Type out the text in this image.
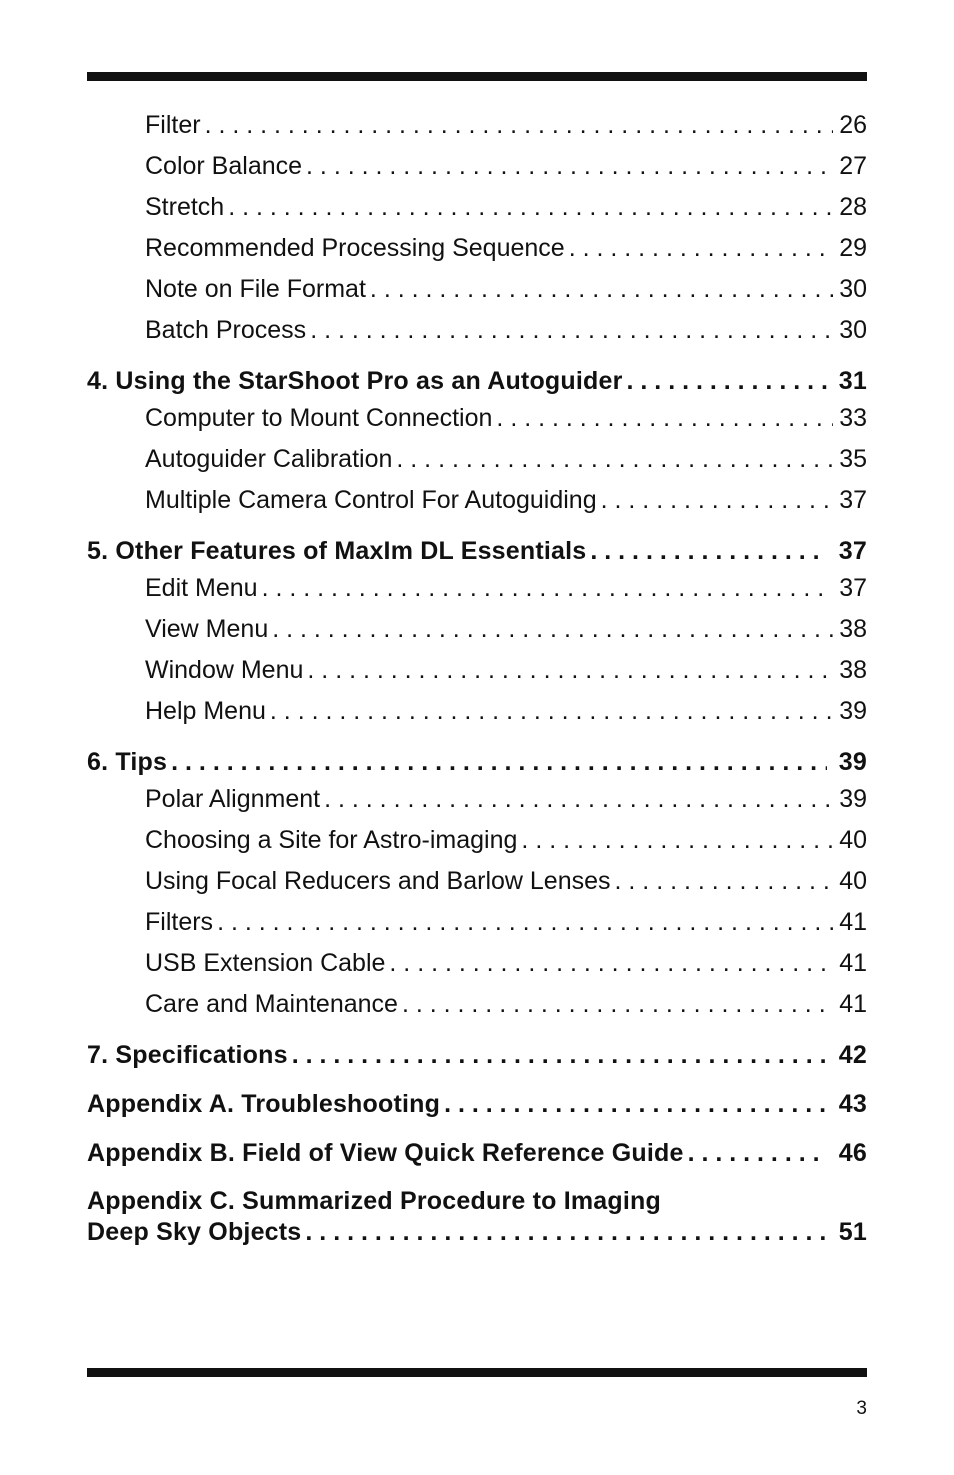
Filter . . .	26
Color Balance . . .	27
Stretch . . .	28
Recommended Processing Sequence . . .	29
Note on File Format . . .	30
Batch Process . . .	30
4. Using the StarShoot Pro as an Autoguider . . .	31
Computer to Mount Connection . . .	33
Autoguider Calibration . . .	35
Multiple Camera Control For Autoguiding . . .	37
5. Other Features of MaxIm DL Essentials . . .	37
Edit Menu . . .	37
View Menu . . .	38
Window Menu . . .	38
Help Menu . . .	39
6. Tips . . .	39
Polar Alignment . . .	39
Choosing a Site for Astro-imaging . . .	40
Using Focal Reducers and Barlow Lenses . . .	40
Filters . . .	41
USB Extension Cable . . .	41
Care and Maintenance . . .	41
7. Specifications . . .	42
Appendix A. Troubleshooting . . .	43
Appendix B. Field of View Quick Reference Guide . . .	46
Appendix C. Summarized Procedure to Imaging
Deep Sky Objects . . .	51
3
